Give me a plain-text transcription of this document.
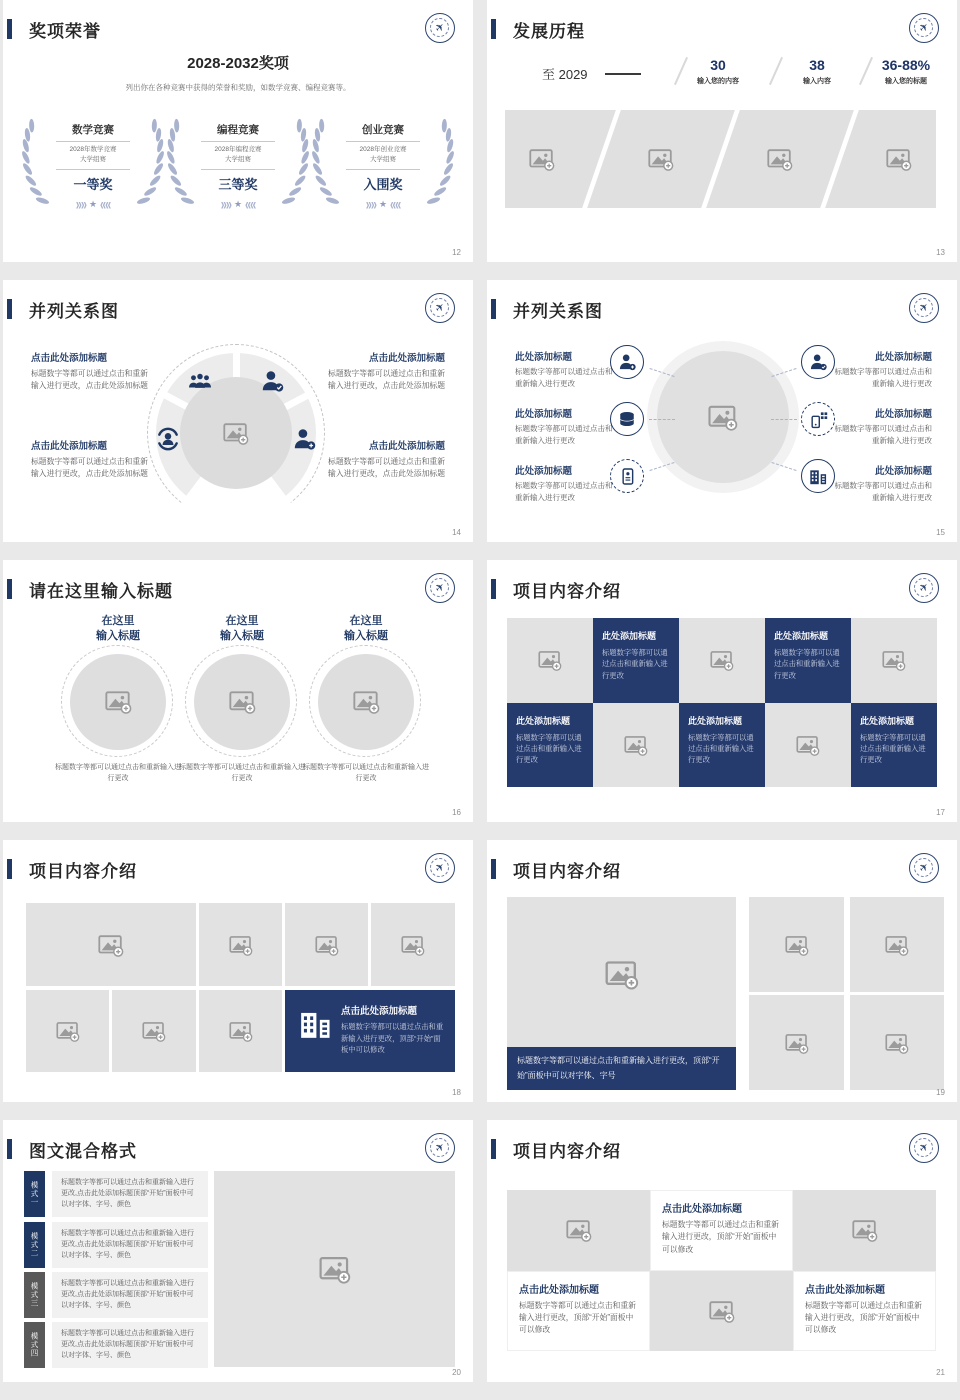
奖项荣誉	✈
2028-2032奖项
列出你在各种竞赛中获得的荣誉和奖励，如数学竞赛、编程竞赛等。
数学竞赛
2028年数学竞赛
大学组赛
一等奖
»» ★ ««
编程竞赛
2028年编程竞赛
大学组赛
三等奖
»» ★ ««
创业竞赛
2028年创业竞赛
大学组赛
入围奖
»» ★ ««
12
发展历程	✈
至 2029
30
输入您的内容
38
输入内容
36-88%
输入您的标题
13
并列关系图	✈
点击此处添加标题
标题数字等都可以通过点击和重新输入进行更改，点击此处添加标题
点击此处添加标题
标题数字等都可以通过点击和重新输入进行更改，点击此处添加标题
点击此处添加标题
标题数字等都可以通过点击和重新输入进行更改，点击此处添加标题
点击此处添加标题
标题数字等都可以通过点击和重新输入进行更改，点击此处添加标题
14
并列关系图	✈
此处添加标题
标题数字等都可以通过点击和重新输入进行更改
此处添加标题
标题数字等都可以通过点击和重新输入进行更改
此处添加标题
标题数字等都可以通过点击和重新输入进行更改
此处添加标题
标题数字等都可以通过点击和重新输入进行更改
此处添加标题
标题数字等都可以通过点击和重新输入进行更改
此处添加标题
标题数字等都可以通过点击和重新输入进行更改
15
请在这里输入标题	✈
在这里
输入标题
标题数字等都可以通过点击和重新输入进行更改
在这里
输入标题
标题数字等都可以通过点击和重新输入进行更改
在这里
输入标题
标题数字等都可以通过点击和重新输入进行更改
16
项目内容介绍	✈
此处添加标题
标题数字等都可以通过点击和重新输入进行更改
此处添加标题
标题数字等都可以通过点击和重新输入进行更改
此处添加标题
标题数字等都可以通过点击和重新输入进行更改
此处添加标题
标题数字等都可以通过点击和重新输入进行更改
此处添加标题
标题数字等都可以通过点击和重新输入进行更改
17
项目内容介绍	✈
点击此处添加标题
标题数字等都可以通过点击和重新输入进行更改，顶部“开始”面板中可以修改
18
项目内容介绍	✈
标题数字等都可以通过点击和重新输入进行更改，顶部“开始”面板中可以对字体、字号
19
图文混合格式	✈
模式一	标题数字等都可以通过点击和重新输入进行更改,点击此处添加标题顶部“开始”面板中可以对字体、字号、颜色
模式二	标题数字等都可以通过点击和重新输入进行更改,点击此处添加标题顶部“开始”面板中可以对字体、字号、颜色
模式三	标题数字等都可以通过点击和重新输入进行更改,点击此处添加标题顶部“开始”面板中可以对字体、字号、颜色
模式四	标题数字等都可以通过点击和重新输入进行更改,点击此处添加标题顶部“开始”面板中可以对字体、字号、颜色
20
项目内容介绍	✈
点击此处添加标题
标题数字等都可以通过点击和重新输入进行更改，顶部“开始”面板中可以修改
点击此处添加标题
标题数字等都可以通过点击和重新输入进行更改，顶部“开始”面板中可以修改
点击此处添加标题
标题数字等都可以通过点击和重新输入进行更改，顶部“开始”面板中可以修改
21
